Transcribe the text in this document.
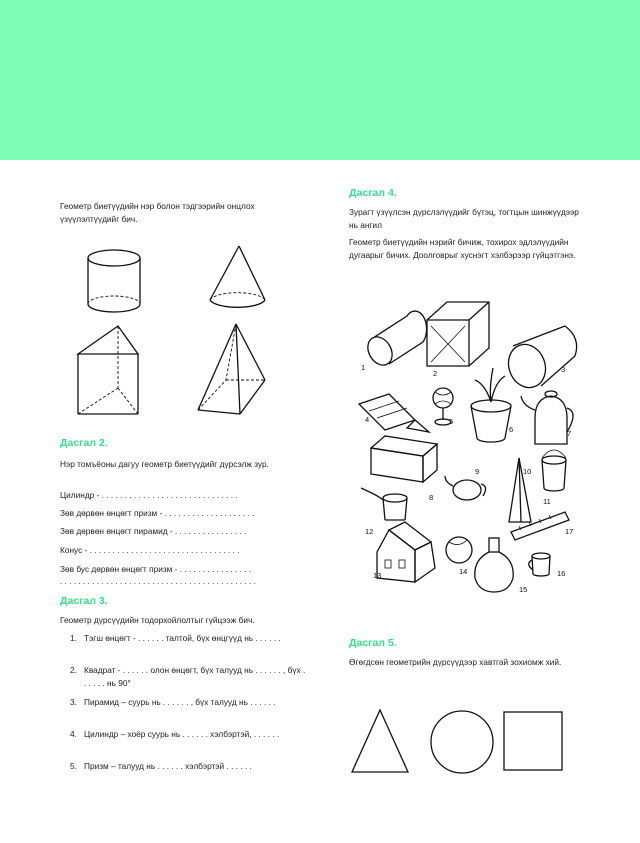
Геометр биетүүдийн нэр болон тэдгээрийн онцлох үзүүлэлтүүдийг бич.

Дасгал 2.

Нэр томъёоны дагуу геометр биетүүдийг дүрсэлж зур.

Цилиндр - . . . . . . . . . . . . . . . . . . . . . . . . . . . . . .
Зөв дөрвөн өнцөгт призм - . . . . . . . . . . . . . . . . . . . .
Зөв дөрвөн өнцөгт пирамид - . . . . . . . . . . . . . . . .
Конус - . . . . . . . . . . . . . . . . . . . . . . . . . . . . . . . . .
Зөв бус дөрвөн өнцөгт призм - . . . . . . . . . . . . . . . .
. . . . . . . . . . . . . . . . . . . . . . . . . . . . . . . . . . . . . . . . . . .

Дасгал 3.

Геометр дүрсүүдийн тодорхойлолтыг гүйцээж бич.

1. Тэгш өнцөгт - . . . . . . талтой, бүх өнцгүүд нь . . . . . .
2. Квадрат - . . . . . . олон өнцөгт, бүх талууд нь . . . . . . , бүх . . . . . . нь 90°
3. Пирамид – суурь нь . . . . . . , бүх талууд нь . . . . . .
4. Цилиндр – хоёр суурь нь . . . . . . хэлбэртэй, . . . . . .
5. Призм – талууд нь . . . . . . хэлбэртэй . . . . . .

Дасгал 4.

Зурагт үзүүлсэн дүрслэлүүдийг бүтэц, тогтцын шинжүүдээр нь ангил

Геометр биетүүдийн нэрийг бичиж, тохирох эдлэлүүдийн дугаарыг бичих. Доолговрыг хуснэгт хэлбэрээр гүйцэтгэнэ.

1
2	3
4	5
6	7
8
9	10
11
12
13	14
15
16
17

Дасгал 5.

Өгөгдсөн геометрийн дүрсүүдээр хавтгай зохиомж хий.
